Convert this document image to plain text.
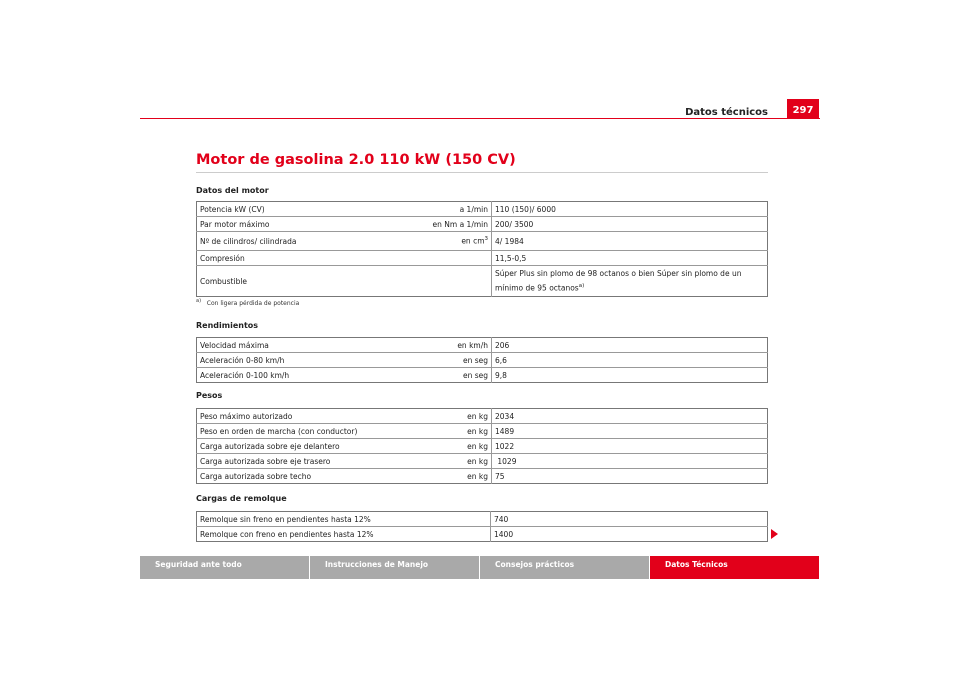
Datos técnicos	297
Motor de gasolina 2.0 110 kW (150 CV)
Datos del motor
Potencia kW (CV)	a 1/min	110 (150)/ 6000
Par motor máximo	en Nm a 1/min	200/ 3500
Nº de cilindros/ cilindrada	en $cm^3$	4/ 1984
Compresión		11,5-0,5
Combustible		Súper Plus sin plomo de 98 octanos o bien Súper sin plomo de un
mínimo de 95 octanos$^{a)}$
$^{a)}$ Con ligera pérdida de potencia
Rendimientos
Velocidad máxima	en km/h	206
Aceleración 0-80 km/h	en seg	6,6
Aceleración 0-100 km/h	en seg	9,8
Pesos
Peso máximo autorizado	en kg	2034
Peso en orden de marcha (con conductor)	en kg	1489
Carga autorizada sobre eje delantero	en kg	1022
Carga autorizada sobre eje trasero	en kg	1029
Carga autorizada sobre techo	en kg	75
Cargas de remolque
Remolque sin freno en pendientes hasta 12%	740
Remolque con freno en pendientes hasta 12%	1400
Seguridad ante todo	Instrucciones de Manejo	Consejos prácticos	Datos Técnicos
